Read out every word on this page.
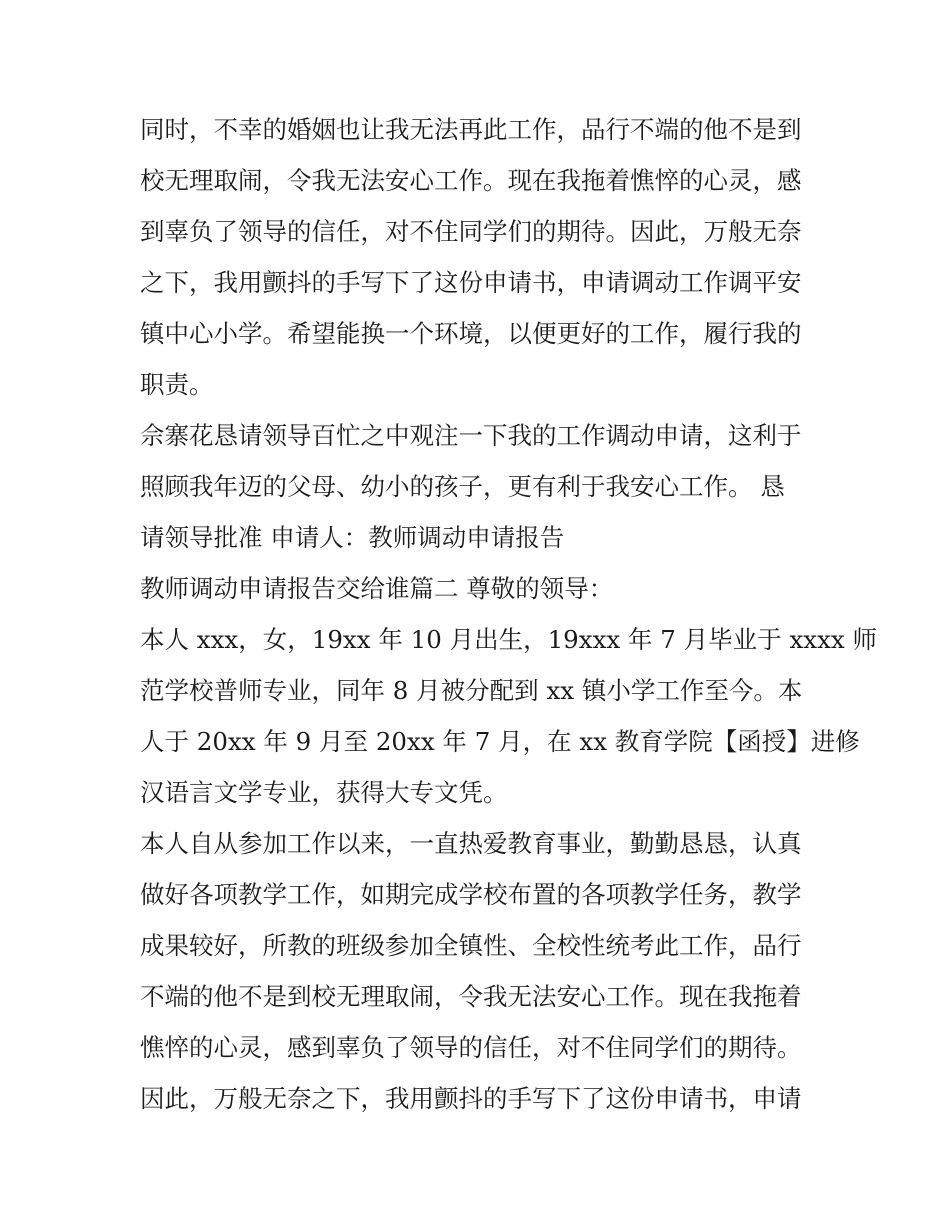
同时，不幸的婚姻也让我无法再此工作，品行不端的他不是到
校无理取闹，令我无法安心工作。现在我拖着憔悴的心灵，感
到辜负了领导的信任，对不住同学们的期待。因此，万般无奈
之下，我用颤抖的手写下了这份申请书，申请调动工作调平安
镇中心小学。希望能换一个环境，以便更好的工作，履行我的
职责。
佘寨花恳请领导百忙之中观注一下我的工作调动申请，这利于
照顾我年迈的父母、幼小的孩子，更有利于我安心工作。 恳
请领导批准 申请人：教师调动申请报告
教师调动申请报告交给谁篇二 尊敬的领导：
本人 xxx，女，19xx 年 10 月出生，19xxx 年 7 月毕业于 xxxx 师
范学校普师专业，同年 8 月被分配到 xx 镇小学工作至今。本
人于 20xx 年 9 月至 20xx 年 7 月，在 xx 教育学院【函授】进修
汉语言文学专业，获得大专文凭。
本人自从参加工作以来，一直热爱教育事业，勤勤恳恳，认真
做好各项教学工作，如期完成学校布置的各项教学任务，教学
成果较好，所教的班级参加全镇性、全校性统考此工作，品行
不端的他不是到校无理取闹，令我无法安心工作。现在我拖着
憔悴的心灵，感到辜负了领导的信任，对不住同学们的期待。
因此，万般无奈之下，我用颤抖的手写下了这份申请书，申请
